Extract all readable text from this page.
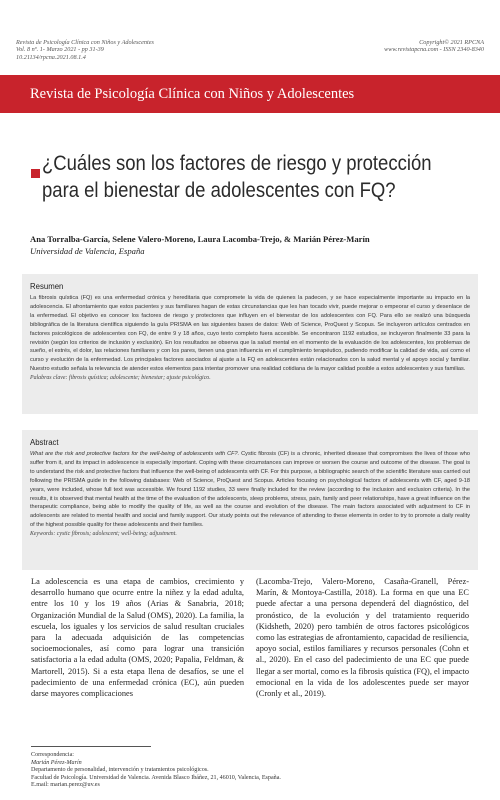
Revista de Psicología Clínica con Niños y Adolescentes
Vol. 8 nº. 1- Marzo 2021 - pp 31-39
10.21134/rpcna.2021.08.1.4
Copyright© 2021 RPCNA
www.revistapcna.com - ISSN 2340-8340
Revista de Psicología Clínica con Niños y Adolescentes
¿Cuáles son los factores de riesgo y protección
para el bienestar de adolescentes con FQ?
Ana Torralba-García, Selene Valero-Moreno, Laura Lacomba-Trejo, & Marián Pérez-Marín
Universidad de Valencia, España
Resumen
La fibrosis quística (FQ) es una enfermedad crónica y hereditaria que compromete la vida de quienes la padecen, y se hace especialmente importante su impacto en la adolescencia. El afrontamiento que estos pacientes y sus familiares hagan de estas circunstancias que les han tocado vivir, puede mejorar o empeorar el curso y desenlace de la enfermedad. El objetivo es conocer los factores de riesgo y protectores que influyen en el bienestar de los adolescentes con FQ. Para ello se realizó una búsqueda bibliográfica de la literatura científica siguiendo la guía PRISMA en las siguientes bases de datos: Web of Science, ProQuest y Scopus. Se incluyeron artículos centrados en factores psicológicos de adolescentes con FQ, de entre 9 y 18 años, cuyo texto completo fuera accesible. Se encontraron 1192 estudios, se incluyeron finalmente 33 para la revisión (según los criterios de inclusión y exclusión). En los resultados se observa que la salud mental en el momento de la evaluación de los adolescentes, los problemas de sueño, el estrés, el dolor, las relaciones familiares y con los pares, tienen una gran influencia en el cumplimiento terapéutico, pudiendo modificar la calidad de vida, así como el curso y evolución de la enfermedad. Los principales factores asociados al ajuste a la FQ en adolescentes están relacionados con la salud mental y el apoyo social y familiar. Nuestro estudio señala la relevancia de atender estos elementos para intentar promover una realidad cotidiana de la mayor calidad posible a estos adolescentes y sus familias.
Palabras clave: fibrosis quística; adolescente; bienestar; ajuste psicológico.
Abstract
What are the risk and protective factors for the well-being of adolescents with CF?. Cystic fibrosis (CF) is a chronic, inherited disease that compromises the lives of those who suffer from it, and its impact in adolescence is especially important. Coping with these circumstances can improve or worsen the course and outcome of the disease. The goal is to understand the risk and protective factors that influence the well-being of adolescents with CF. For this purpose, a bibliographic search of the scientific literature was carried out following the PRISMA guide in the following databases: Web of Science, ProQuest and Scopus. Articles focusing on psychological factors of adolescents with CF, aged 9-18 years, were included, whose full text was accessible. We found 1192 studies, 33 were finally included for the review (according to the inclusion and exclusion criteria). In the results, it is observed that mental health at the time of the evaluation of the adolescents, sleep problems, stress, pain, family and peer relationships, have a great influence on the therapeutic compliance, being able to modify the quality of life, as well as the course and evolution of the disease. The main factors associated with adjustment to CF in adolescents are related to mental health and social and family support. Our study points out the relevance of attending to these elements in order to try to promote a daily reality of the highest possible quality for these adolescents and their families.
Keywords: cystic fibrosis; adolescent; well-being; adjustment.
La adolescencia es una etapa de cambios, crecimiento y desarrollo humano que ocurre entre la niñez y la edad adulta, entre los 10 y los 19 años (Arias & Sanabria, 2018; Organización Mundial de la Salud (OMS), 2020). La familia, la escuela, los iguales y los servicios de salud resultan cruciales para la adecuada adquisición de las competencias socioemocionales, así como para lograr una transición satisfactoria a la edad adulta (OMS, 2020; Papalia, Feldman, & Martorell, 2015). Si a esta etapa llena de desafíos, se une el padecimiento de una enfermedad crónica (EC), aún pueden darse mayores complicaciones
(Lacomba-Trejo, Valero-Moreno, Casaña-Granell, Pérez-Marín, & Montoya-Castilla, 2018). La forma en que una EC puede afectar a una persona dependerá del diagnóstico, del pronóstico, de la evolución y del tratamiento requerido (Kidsheth, 2020) pero también de otros factores psicológicos como las estrategias de afrontamiento, capacidad de resiliencia, apoyo social, estilos familiares y recursos personales (Cohn et al., 2020). En el caso del padecimiento de una EC que puede llegar a ser mortal, como es la fibrosis quística (FQ), el impacto emocional en la vida de los adolescentes puede ser mayor (Cronly et al., 2019).
Correspondencia:
Marián Pérez-Marín
Departamento de personalidad, intervención y tratamientos psicológicos.
Facultad de Psicología. Universidad de Valencia. Avenida Blasco Ibáñez, 21, 46010, Valencia, España.
E.mail: marian.perez@uv.es
